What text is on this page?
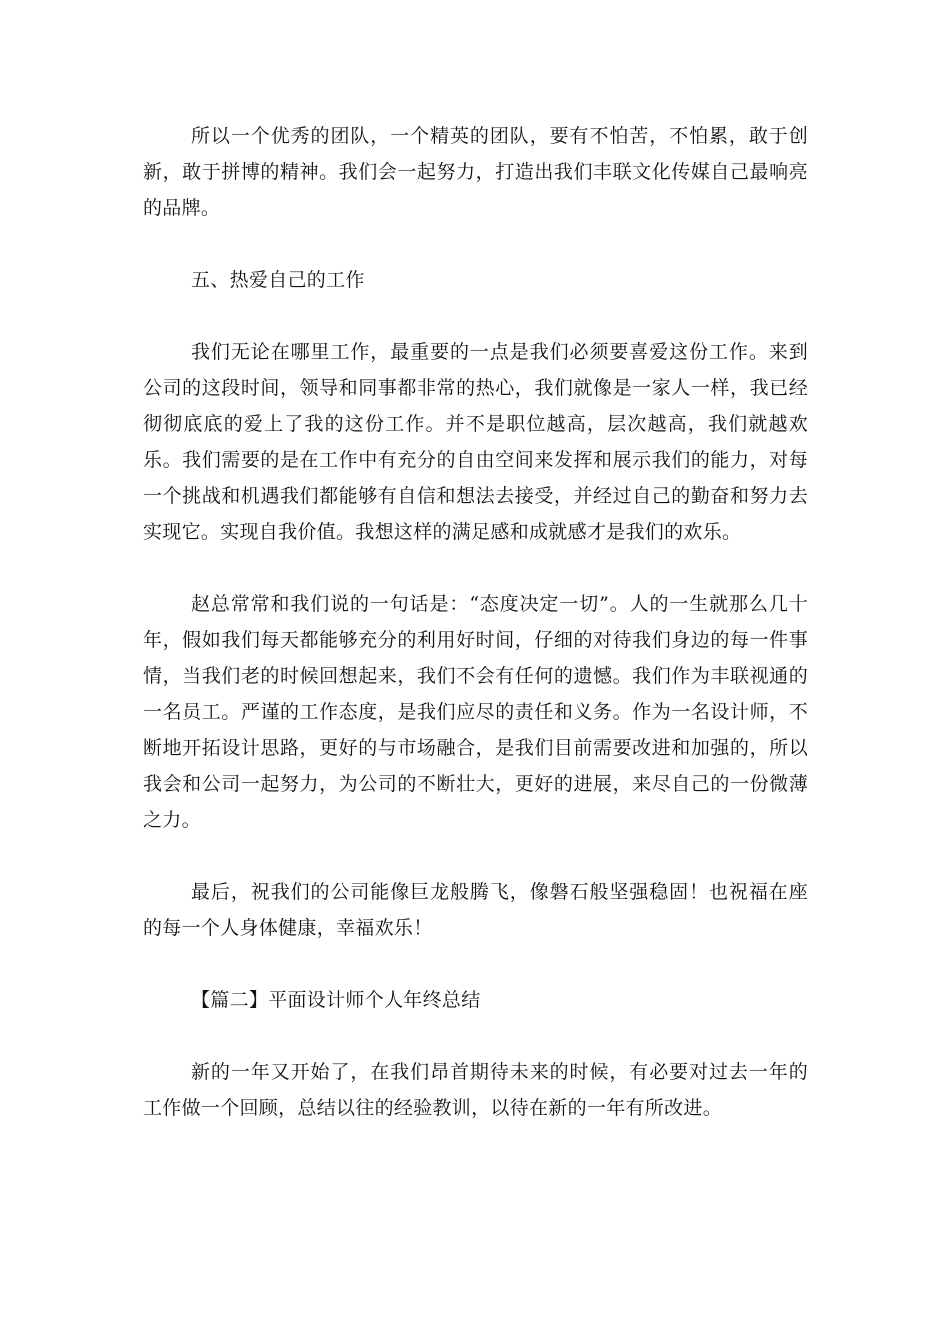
所以一个优秀的团队，一个精英的团队，要有不怕苦，不怕累，敢于创新，敢于拼博的精神。我们会一起努力，打造出我们丰联文化传媒自己最响亮的品牌。

五、热爱自己的工作

我们无论在哪里工作，最重要的一点是我们必须要喜爱这份工作。来到公司的这段时间，领导和同事都非常的热心，我们就像是一家人一样，我已经彻彻底底的爱上了我的这份工作。并不是职位越高，层次越高，我们就越欢乐。我们需要的是在工作中有充分的自由空间来发挥和展示我们的能力，对每一个挑战和机遇我们都能够有自信和想法去接受，并经过自己的勤奋和努力去实现它。实现自我价值。我想这样的满足感和成就感才是我们的欢乐。

赵总常常和我们说的一句话是：“态度决定一切”。人的一生就那么几十年，假如我们每天都能够充分的利用好时间，仔细的对待我们身边的每一件事情，当我们老的时候回想起来，我们不会有任何的遗憾。我们作为丰联视通的一名员工。严谨的工作态度，是我们应尽的责任和义务。作为一名设计师，不断地开拓设计思路，更好的与市场融合，是我们目前需要改进和加强的，所以我会和公司一起努力，为公司的不断壮大，更好的进展，来尽自己的一份微薄之力。

最后，祝我们的公司能像巨龙般腾飞，像磐石般坚强稳固！也祝福在座的每一个人身体健康，幸福欢乐！

【篇二】平面设计师个人年终总结

新的一年又开始了，在我们昂首期待未来的时候，有必要对过去一年的工作做一个回顾，总结以往的经验教训，以待在新的一年有所改进。
